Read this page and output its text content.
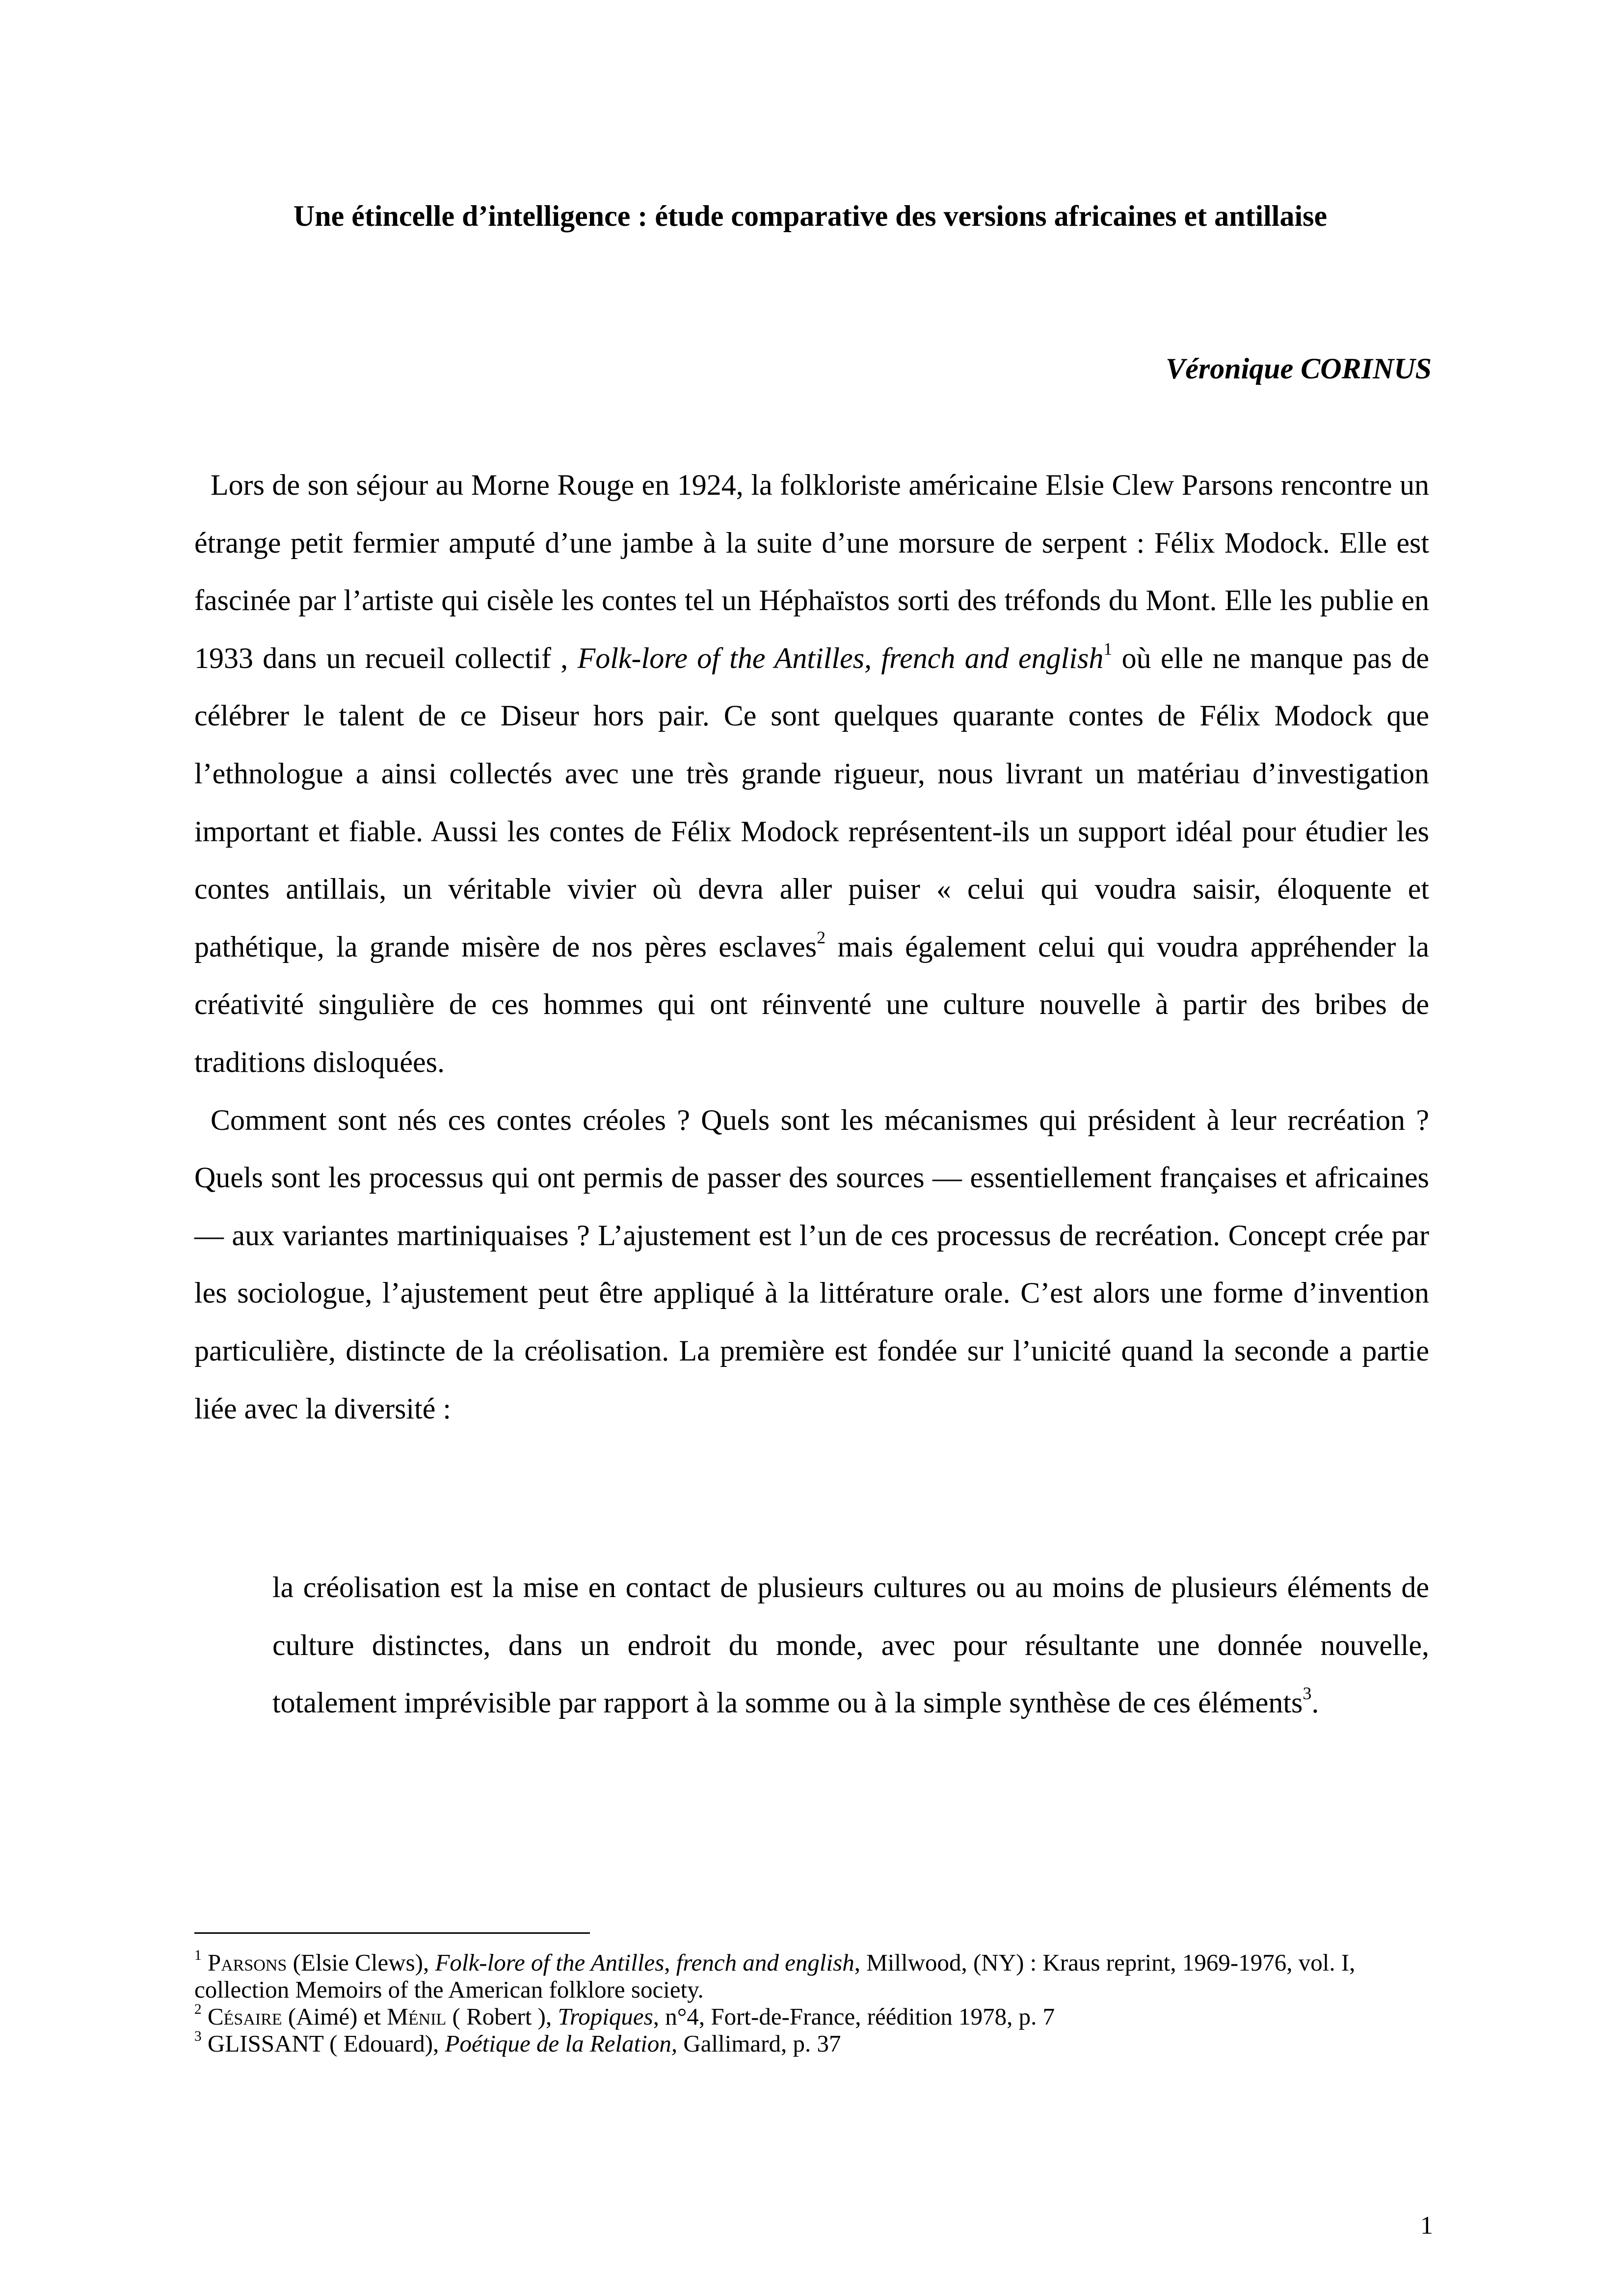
Une étincelle d’intelligence : étude comparative des versions africaines et antillaise
Véronique CORINUS

Lors de son séjour au Morne Rouge en 1924, la folkloriste américaine Elsie Clew Parsons rencontre un étrange petit fermier amputé d’une jambe à la suite d’une morsure de serpent : Félix Modock. Elle est fascinée par l’artiste qui cisèle les contes tel un Héphaïstos sorti des tréfonds du Mont. Elle les publie en 1933 dans un recueil collectif , Folk-lore of the Antilles, french and english$^1$ où elle ne manque pas de célébrer le talent de ce Diseur hors pair. Ce sont quelques quarante contes de Félix Modock que l’ethnologue a ainsi collectés avec une très grande rigueur, nous livrant un matériau d’investigation important et fiable. Aussi les contes de Félix Modock représentent-ils un support idéal pour étudier les contes antillais, un véritable vivier où devra aller puiser « celui qui voudra saisir, éloquente et pathétique, la grande misère de nos pères esclaves$^2$ mais également celui qui voudra appréhender la créativité singulière de ces hommes qui ont réinventé une culture nouvelle à partir des bribes de traditions disloquées.

Comment sont nés ces contes créoles ? Quels sont les mécanismes qui président à leur recréation ? Quels sont les processus qui ont permis de passer des sources — essentiellement françaises et africaines — aux variantes martiniquaises ? L’ajustement est l’un de ces processus de recréation. Concept crée par les sociologue, l’ajustement peut être appliqué à la littérature orale. C’est alors une forme d’invention particulière, distincte de la créolisation. La première est fondée sur l’unicité quand la seconde a partie liée avec la diversité :

la créolisation est la mise en contact de plusieurs cultures ou au moins de plusieurs éléments de culture distinctes, dans un endroit du monde, avec pour résultante une donnée nouvelle, totalement imprévisible par rapport à la somme ou à la simple synthèse de ces éléments$^3$.

$^1$ Parsons (Elsie Clews), Folk-lore of the Antilles, french and english, Millwood, (NY) : Kraus reprint, 1969-1976, vol. I, collection Memoirs of the American folklore society.

$^2$ Césaire (Aimé) et Ménil ( Robert ), Tropiques, n°4, Fort-de-France, réédition 1978, p. 7

$^3$ GLISSANT ( Edouard), Poétique de la Relation, Gallimard, p. 37

1
